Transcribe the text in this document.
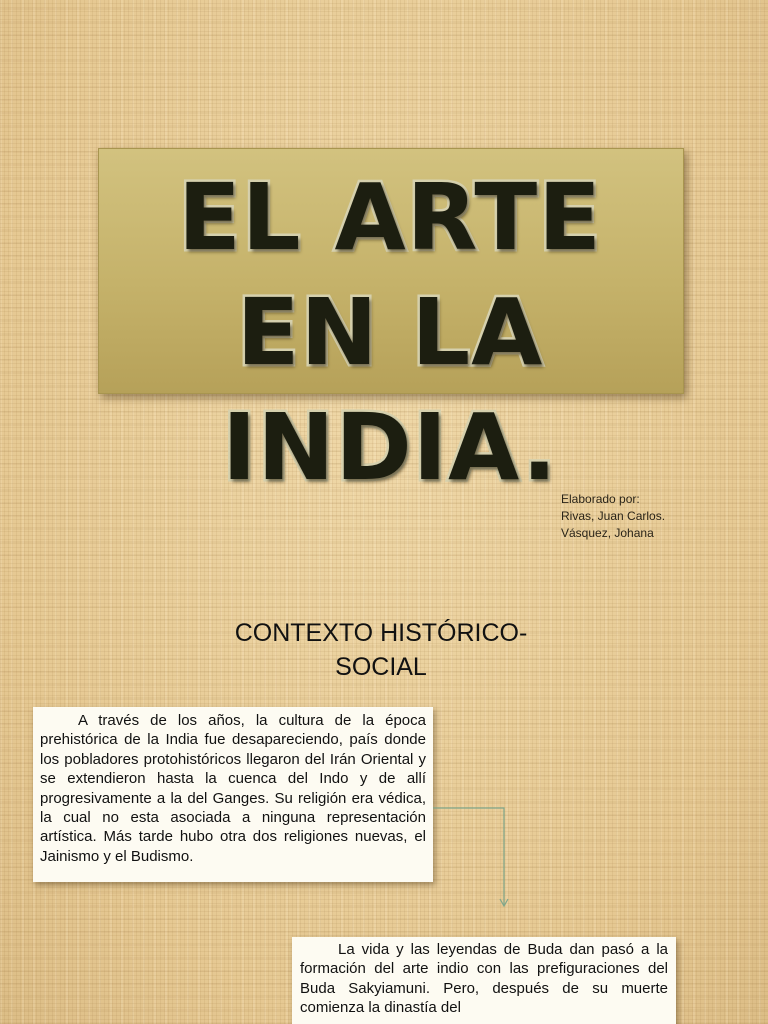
EL ARTE
EN LA
INDIA. Elaborado por:
Rivas, Juan Carlos.
Vásquez, Johana
CONTEXTO HISTÓRICO-
SOCIAL
A través de los años, la cultura de la época prehistórica de la India fue desapareciendo, país donde los pobladores protohistóricos llegaron del Irán Oriental y se extendieron hasta la cuenca del Indo y de allí progresivamente a la del Ganges. Su religión era védica, la cual no esta asociada a ninguna representación artística. Más tarde hubo otra dos religiones nuevas, el Jainismo y el Budismo.
La vida y las leyendas de Buda dan pasó a la formación del arte indio con las prefiguraciones del Buda Sakyiamuni. Pero, después de su muerte comienza la dinastía del
